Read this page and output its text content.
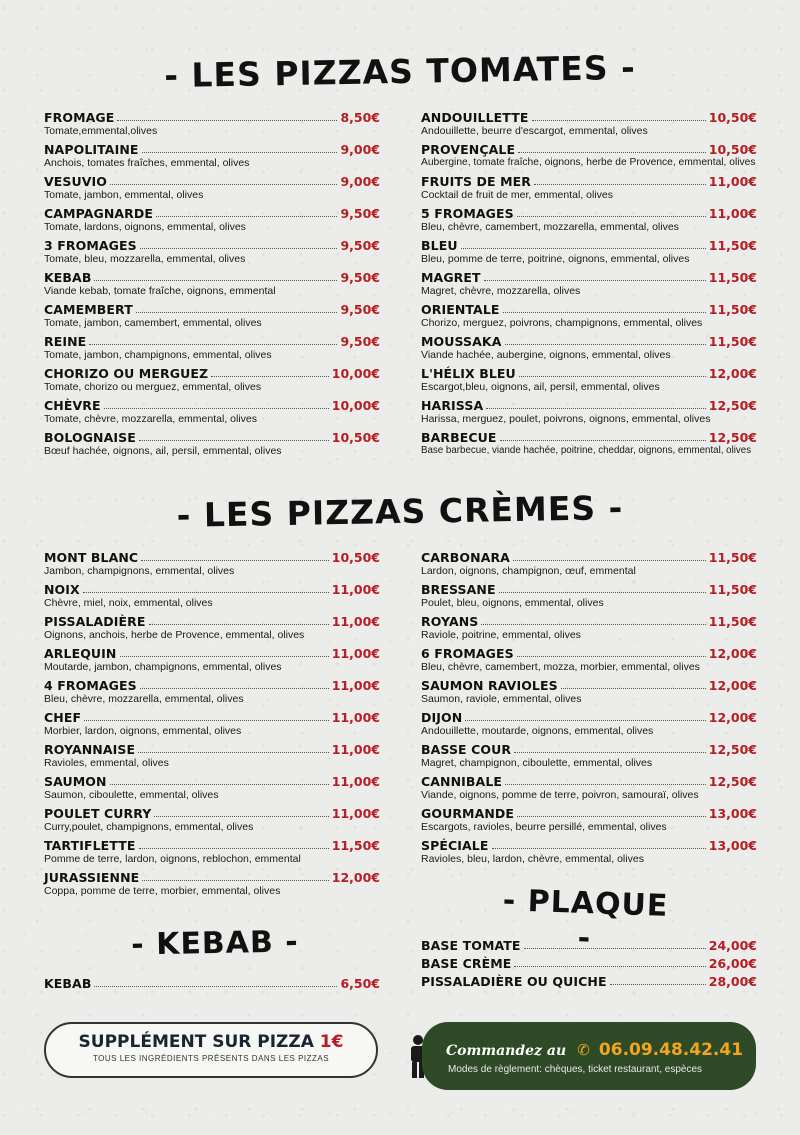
- LES PIZZAS TOMATES -
FROMAGE	8,50€
Tomate,emmental,olives
NAPOLITAINE	9,00€
Anchois, tomates fraîches, emmental, olives
VESUVIO	9,00€
Tomate, jambon, emmental, olives
CAMPAGNARDE	9,50€
Tomate, lardons, oignons, emmental, olives
3 FROMAGES	9,50€
Tomate, bleu, mozzarella, emmental, olives
KEBAB	9,50€
Viande kebab, tomate fraîche, oignons, emmental
CAMEMBERT	9,50€
Tomate, jambon, camembert, emmental, olives
REINE	9,50€
Tomate, jambon, champignons, emmental, olives
CHORIZO OU MERGUEZ	10,00€
Tomate, chorizo ou merguez, emmental, olives
CHÈVRE	10,00€
Tomate, chèvre, mozzarella, emmental, olives
BOLOGNAISE	10,50€
Bœuf hachée, oignons, ail, persil, emmental, olives
ANDOUILLETTE	10,50€
Andouillette, beurre d'escargot, emmental, olives
PROVENÇALE	10,50€
Aubergine, tomate fraîche, oignons, herbe de Provence, emmental, olives
FRUITS DE MER	11,00€
Cocktail de fruit de mer, emmental, olives
5 FROMAGES	11,00€
Bleu, chèvre, camembert, mozzarella, emmental, olives
BLEU	11,50€
Bleu, pomme de terre, poitrine, oignons, emmental, olives
MAGRET	11,50€
Magret, chèvre, mozzarella, olives
ORIENTALE	11,50€
Chorizo, merguez, poivrons, champignons, emmental, olives
MOUSSAKA	11,50€
Viande hachée, aubergine, oignons, emmental, olives
L'HÉLIX BLEU	12,00€
Escargot,bleu, oignons, ail, persil, emmental, olives
HARISSA	12,50€
Harissa, merguez, poulet, poivrons, oignons, emmental, olives
BARBECUE	12,50€
Base barbecue, viande hachée, poitrine, cheddar, oignons, emmental, olives
- LES PIZZAS CRÈMES -
MONT BLANC	10,50€
Jambon, champignons, emmental, olives
NOIX	11,00€
Chèvre, miel, noix, emmental, olives
PISSALADIÈRE	11,00€
Oignons, anchois, herbe de Provence, emmental, olives
ARLEQUIN	11,00€
Moutarde, jambon, champignons, emmental, olives
4 FROMAGES	11,00€
Bleu, chèvre, mozzarella, emmental, olives
CHEF	11,00€
Morbier, lardon, oignons, emmental, olives
ROYANNAISE	11,00€
Ravioles, emmental, olives
SAUMON	11,00€
Saumon, ciboulette, emmental, olives
POULET CURRY	11,00€
Curry,poulet, champignons, emmental, olives
TARTIFLETTE	11,50€
Pomme de terre, lardon, oignons, reblochon, emmental
JURASSIENNE	12,00€
Coppa, pomme de terre, morbier, emmental, olives
CARBONARA	11,50€
Lardon, oignons, champignon, œuf, emmental
BRESSANE	11,50€
Poulet, bleu, oignons, emmental, olives
ROYANS	11,50€
Raviole, poitrine, emmental, olives
6 FROMAGES	12,00€
Bleu, chèvre, camembert, mozza, morbier, emmental, olives
SAUMON RAVIOLES	12,00€
Saumon, raviole, emmental, olives
DIJON	12,00€
Andouillette, moutarde, oignons, emmental, olives
BASSE COUR	12,50€
Magret, champignon, ciboulette, emmental, olives
CANNIBALE	12,50€
Viande, oignons, pomme de terre, poivron, samouraï, olives
GOURMANDE	13,00€
Escargots, ravioles, beurre persillé, emmental, olives
SPÉCIALE	13,00€
Ravioles, bleu, lardon, chèvre, emmental, olives
- KEBAB -
KEBAB	6,50€
- PLAQUE -
BASE TOMATE	24,00€
BASE CRÈME	26,00€
PISSALADIÈRE OU QUICHE	28,00€
SUPPLÉMENT SUR PIZZA 1€
TOUS LES INGRÉDIENTS PRÉSENTS DANS LES PIZZAS	Commandez au ✆ 06.09.48.42.41
Modes de règlement: chèques, ticket restaurant, espèces
